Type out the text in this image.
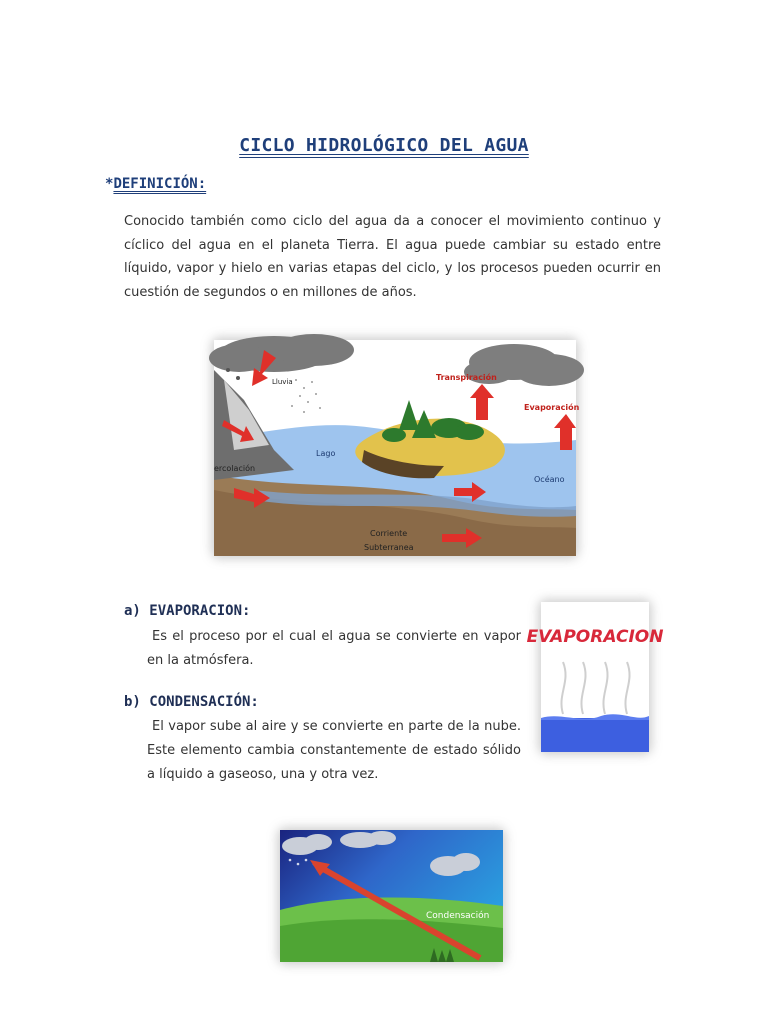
CICLO HIDROLÓGICO DEL AGUA
*DEFINICIÓN:
Conocido también como ciclo del agua da a conocer el movimiento continuo y cíclico del agua en el planeta Tierra. El agua puede cambiar su estado entre líquido, vapor y hielo en varias etapas del ciclo, y los procesos pueden ocurrir en cuestión de segundos o en millones de años.
Lluvia	Transpiración
Evaporación
Lago
Océano
ercolación
Corriente
Subterranea
a) EVAPORACION:
Es el proceso por el cual el agua se convierte en vapor en la atmósfera.
EVAPORACION
b) CONDENSACIÓN:
El vapor sube al aire y se convierte en parte de la nube. Este elemento cambia constantemente de estado sólido a líquido a gaseoso, una y otra vez.
Condensación
